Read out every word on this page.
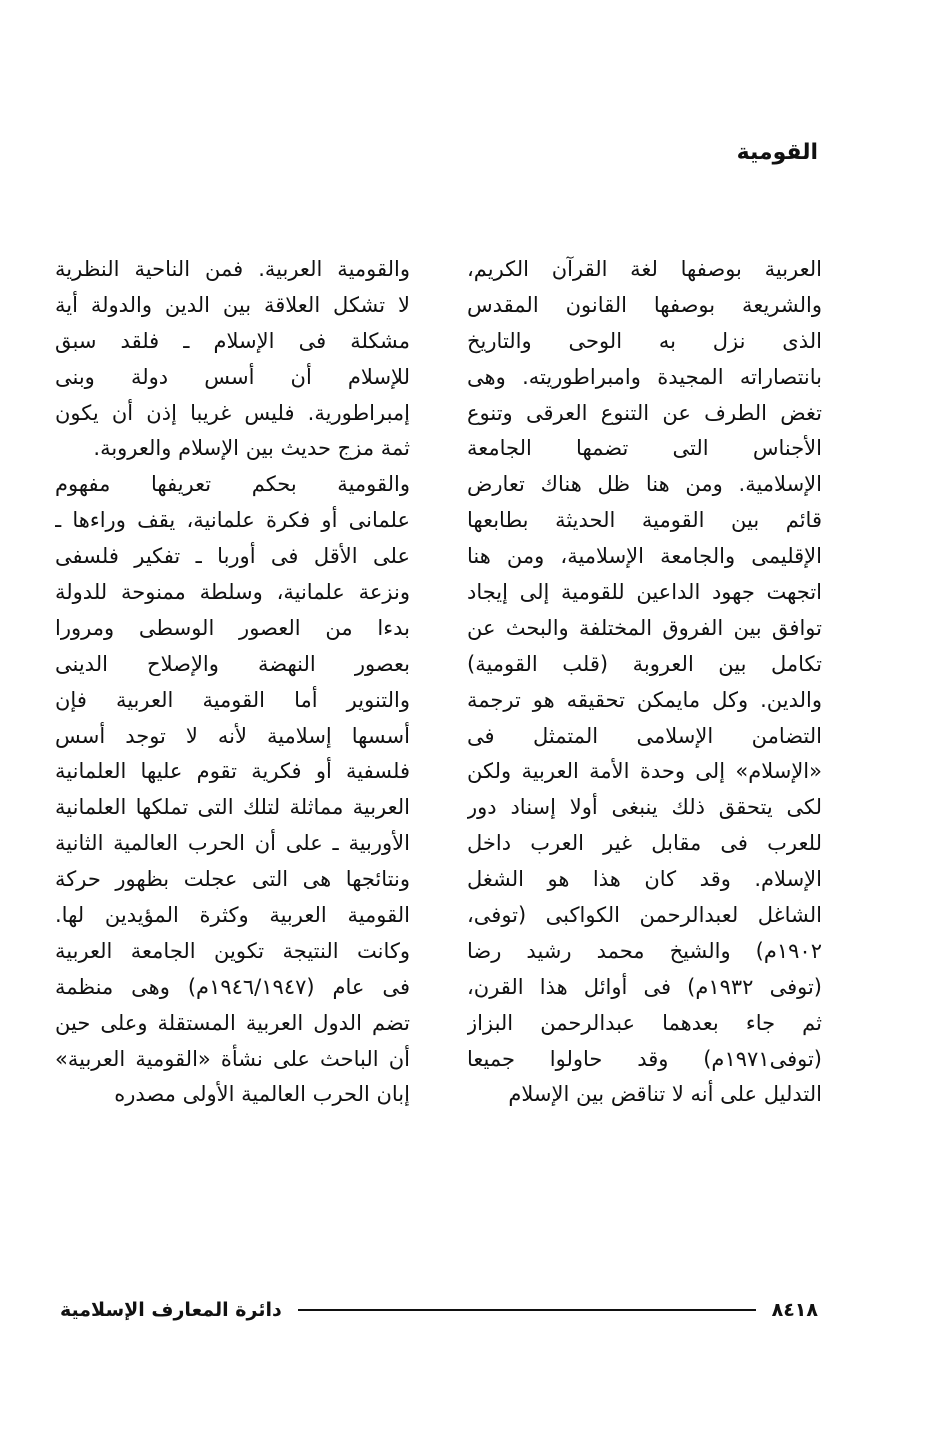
القومية
العربية بوصفها لغة القرآن الكريم،
والشريعة بوصفها القانون المقدس
الذى نزل به الوحى والتاريخ
بانتصاراته المجيدة وامبراطوريته. وهى
تغض الطرف عن التنوع العرقى وتنوع
الأجناس التى تضمها الجامعة
الإسلامية. ومن هنا ظل هناك تعارض
قائم بين القومية الحديثة بطابعها
الإقليمى والجامعة الإسلامية، ومن هنا
اتجهت جهود الداعين للقومية إلى إيجاد
توافق بين الفروق المختلفة والبحث عن
تكامل بين العروبة (قلب القومية)
والدين. وكل مايمكن تحقيقه هو ترجمة
التضامن الإسلامى المتمثل فى
«الإسلام» إلى وحدة الأمة العربية ولكن
لكى يتحقق ذلك ينبغى أولا إسناد دور
للعرب فى مقابل غير العرب داخل
الإسلام. وقد كان هذا هو الشغل
الشاغل لعبدالرحمن الكواكبى (توفى،
١٩٠٢م) والشيخ محمد رشيد رضا
(توفى ١٩٣٢م) فى أوائل هذا القرن،
ثم جاء بعدهما عبدالرحمن البزاز
(توفى١٩٧١م) وقد حاولوا جميعا
التدليل على أنه لا تناقض بين الإسلام
والقومية العربية. فمن الناحية النظرية
لا تشكل العلاقة بين الدين والدولة أية
مشكلة فى الإسلام ـ فلقد سبق
للإسلام أن أسس دولة وبنى
إمبراطورية. فليس غريبا إذن أن يكون
ثمة مزج حديث بين الإسلام والعروبة.
والقومية بحكم تعريفها مفهوم
علمانى أو فكرة علمانية، يقف وراءها ـ
على الأقل فى أوربا ـ تفكير فلسفى
ونزعة علمانية، وسلطة ممنوحة للدولة
بدءا من العصور الوسطى ومرورا
بعصور النهضة والإصلاح الدينى
والتنوير أما القومية العربية فإن
أسسها إسلامية لأنه لا توجد أسس
فلسفية أو فكرية تقوم عليها العلمانية
العربية مماثلة لتلك التى تملكها العلمانية
الأوربية ـ على أن الحرب العالمية الثانية
ونتائجها هى التى عجلت بظهور حركة
القومية العربية وكثرة المؤيدين لها.
وكانت النتيجة تكوين الجامعة العربية
فى عام (١٩٤٦/١٩٤٧م) وهى منظمة
تضم الدول العربية المستقلة وعلى حين
أن الباحث على نشأة «القومية العربية»
إبان الحرب العالمية الأولى مصدره
دائرة المعارف الإسلامية	٨٤١٨
